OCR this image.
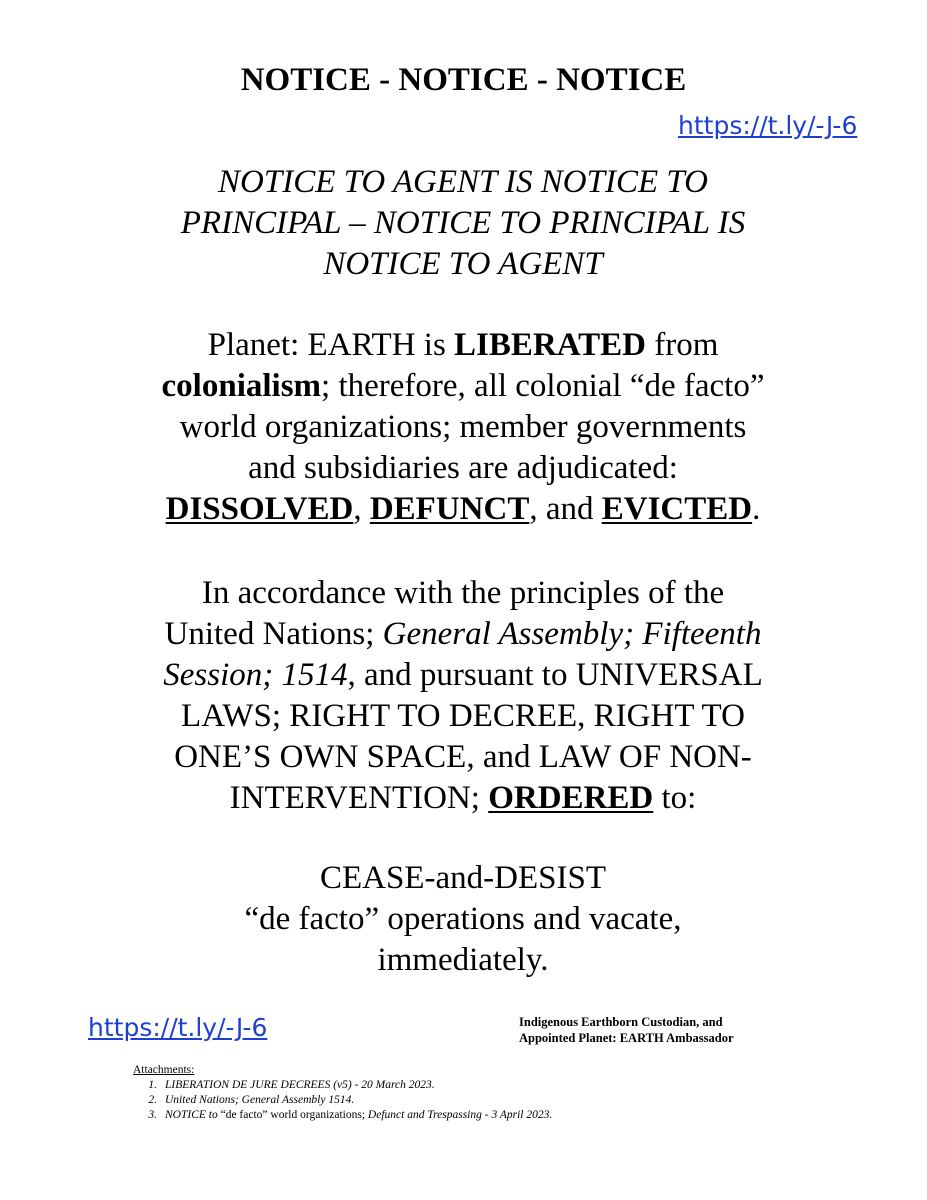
NOTICE - NOTICE - NOTICE
https://t.ly/-J-6
NOTICE TO AGENT IS NOTICE TO
PRINCIPAL – NOTICE TO PRINCIPAL IS
NOTICE TO AGENT
Planet: EARTH is LIBERATED from
colonialism; therefore, all colonial “de facto”
world organizations; member governments
and subsidiaries are adjudicated:
DISSOLVED, DEFUNCT, and EVICTED.
In accordance with the principles of the
United Nations; General Assembly; Fifteenth
Session; 1514, and pursuant to UNIVERSAL
LAWS; RIGHT TO DECREE, RIGHT TO
ONE’S OWN SPACE, and LAW OF NON-
INTERVENTION; ORDERED to:
CEASE-and-DESIST
“de facto” operations and vacate,
immediately.
https://t.ly/-J-6	Indigenous Earthborn Custodian, and
Appointed Planet: EARTH Ambassador
Attachments:
1. LIBERATION DE JURE DECREES (v5) - 20 March 2023.
2. United Nations; General Assembly 1514.
3. NOTICE to “de facto” world organizations; Defunct and Trespassing - 3 April 2023.
